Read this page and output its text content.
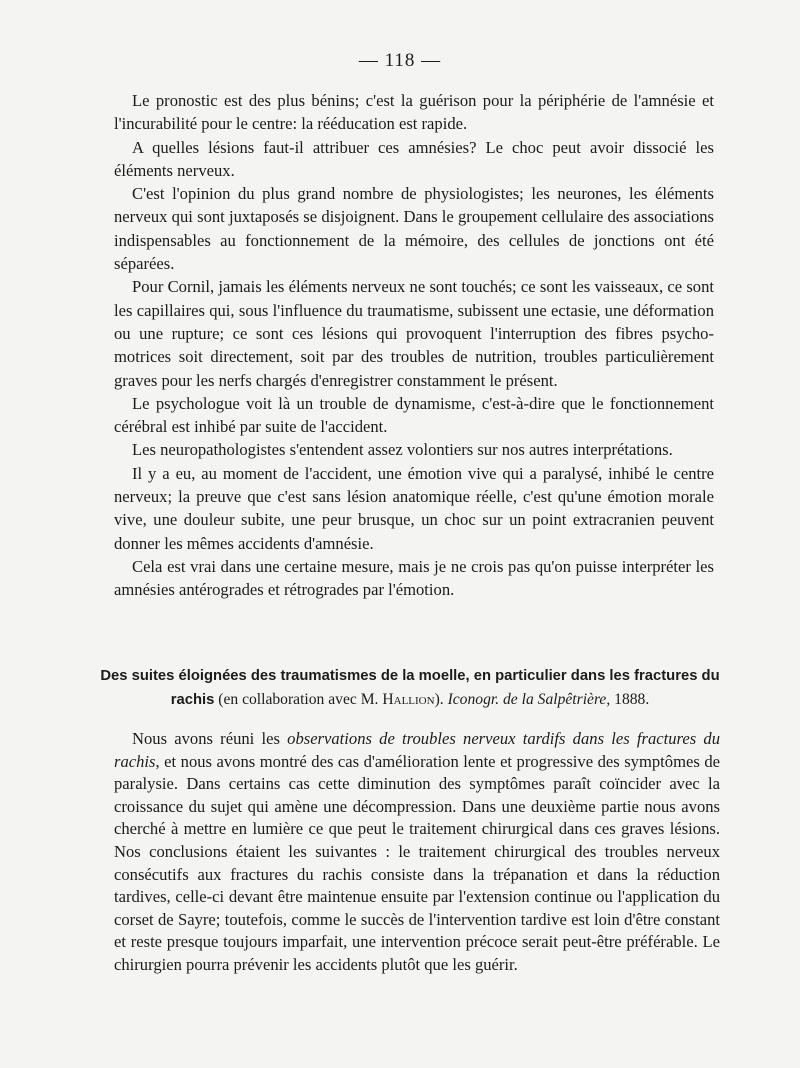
— 118 —

Le pronostic est des plus bénins; c'est la guérison pour la périphérie de l'amnésie et l'incurabilité pour le centre: la rééducation est rapide.

A quelles lésions faut-il attribuer ces amnésies? Le choc peut avoir dissocié les éléments nerveux.

C'est l'opinion du plus grand nombre de physiologistes; les neurones, les éléments nerveux qui sont juxtaposés se disjoignent. Dans le groupement cellulaire des associations indispensables au fonctionnement de la mémoire, des cellules de jonctions ont été séparées.

Pour Cornil, jamais les éléments nerveux ne sont touchés; ce sont les vaisseaux, ce sont les capillaires qui, sous l'influence du traumatisme, subissent une ectasie, une déformation ou une rupture; ce sont ces lésions qui provoquent l'interruption des fibres psycho-motrices soit directement, soit par des troubles de nutrition, troubles particulièrement graves pour les nerfs chargés d'enregistrer constamment le présent.

Le psychologue voit là un trouble de dynamisme, c'est-à-dire que le fonctionnement cérébral est inhibé par suite de l'accident.

Les neuropathologistes s'entendent assez volontiers sur nos autres interprétations.

Il y a eu, au moment de l'accident, une émotion vive qui a paralysé, inhibé le centre nerveux; la preuve que c'est sans lésion anatomique réelle, c'est qu'une émotion morale vive, une douleur subite, une peur brusque, un choc sur un point extracranien peuvent donner les mêmes accidents d'amnésie.

Cela est vrai dans une certaine mesure, mais je ne crois pas qu'on puisse interpréter les amnésies antérogrades et rétrogrades par l'émotion.

Des suites éloignées des traumatismes de la moelle, en particulier dans les fractures du rachis (en collaboration avec M. Hallion). Iconogr. de la Salpêtrière, 1888.

Nous avons réuni les observations de troubles nerveux tardifs dans les fractures du rachis, et nous avons montré des cas d'amélioration lente et progressive des symptômes de paralysie. Dans certains cas cette diminution des symptômes paraît coïncider avec la croissance du sujet qui amène une décompression. Dans une deuxième partie nous avons cherché à mettre en lumière ce que peut le traitement chirurgical dans ces graves lésions. Nos conclusions étaient les suivantes : le traitement chirurgical des troubles nerveux consécutifs aux fractures du rachis consiste dans la trépanation et dans la réduction tardives, celle-ci devant être maintenue ensuite par l'extension continue ou l'application du corset de Sayre; toutefois, comme le succès de l'intervention tardive est loin d'être constant et reste presque toujours imparfait, une intervention précoce serait peut-être préférable. Le chirurgien pourra prévenir les accidents plutôt que les guérir.
